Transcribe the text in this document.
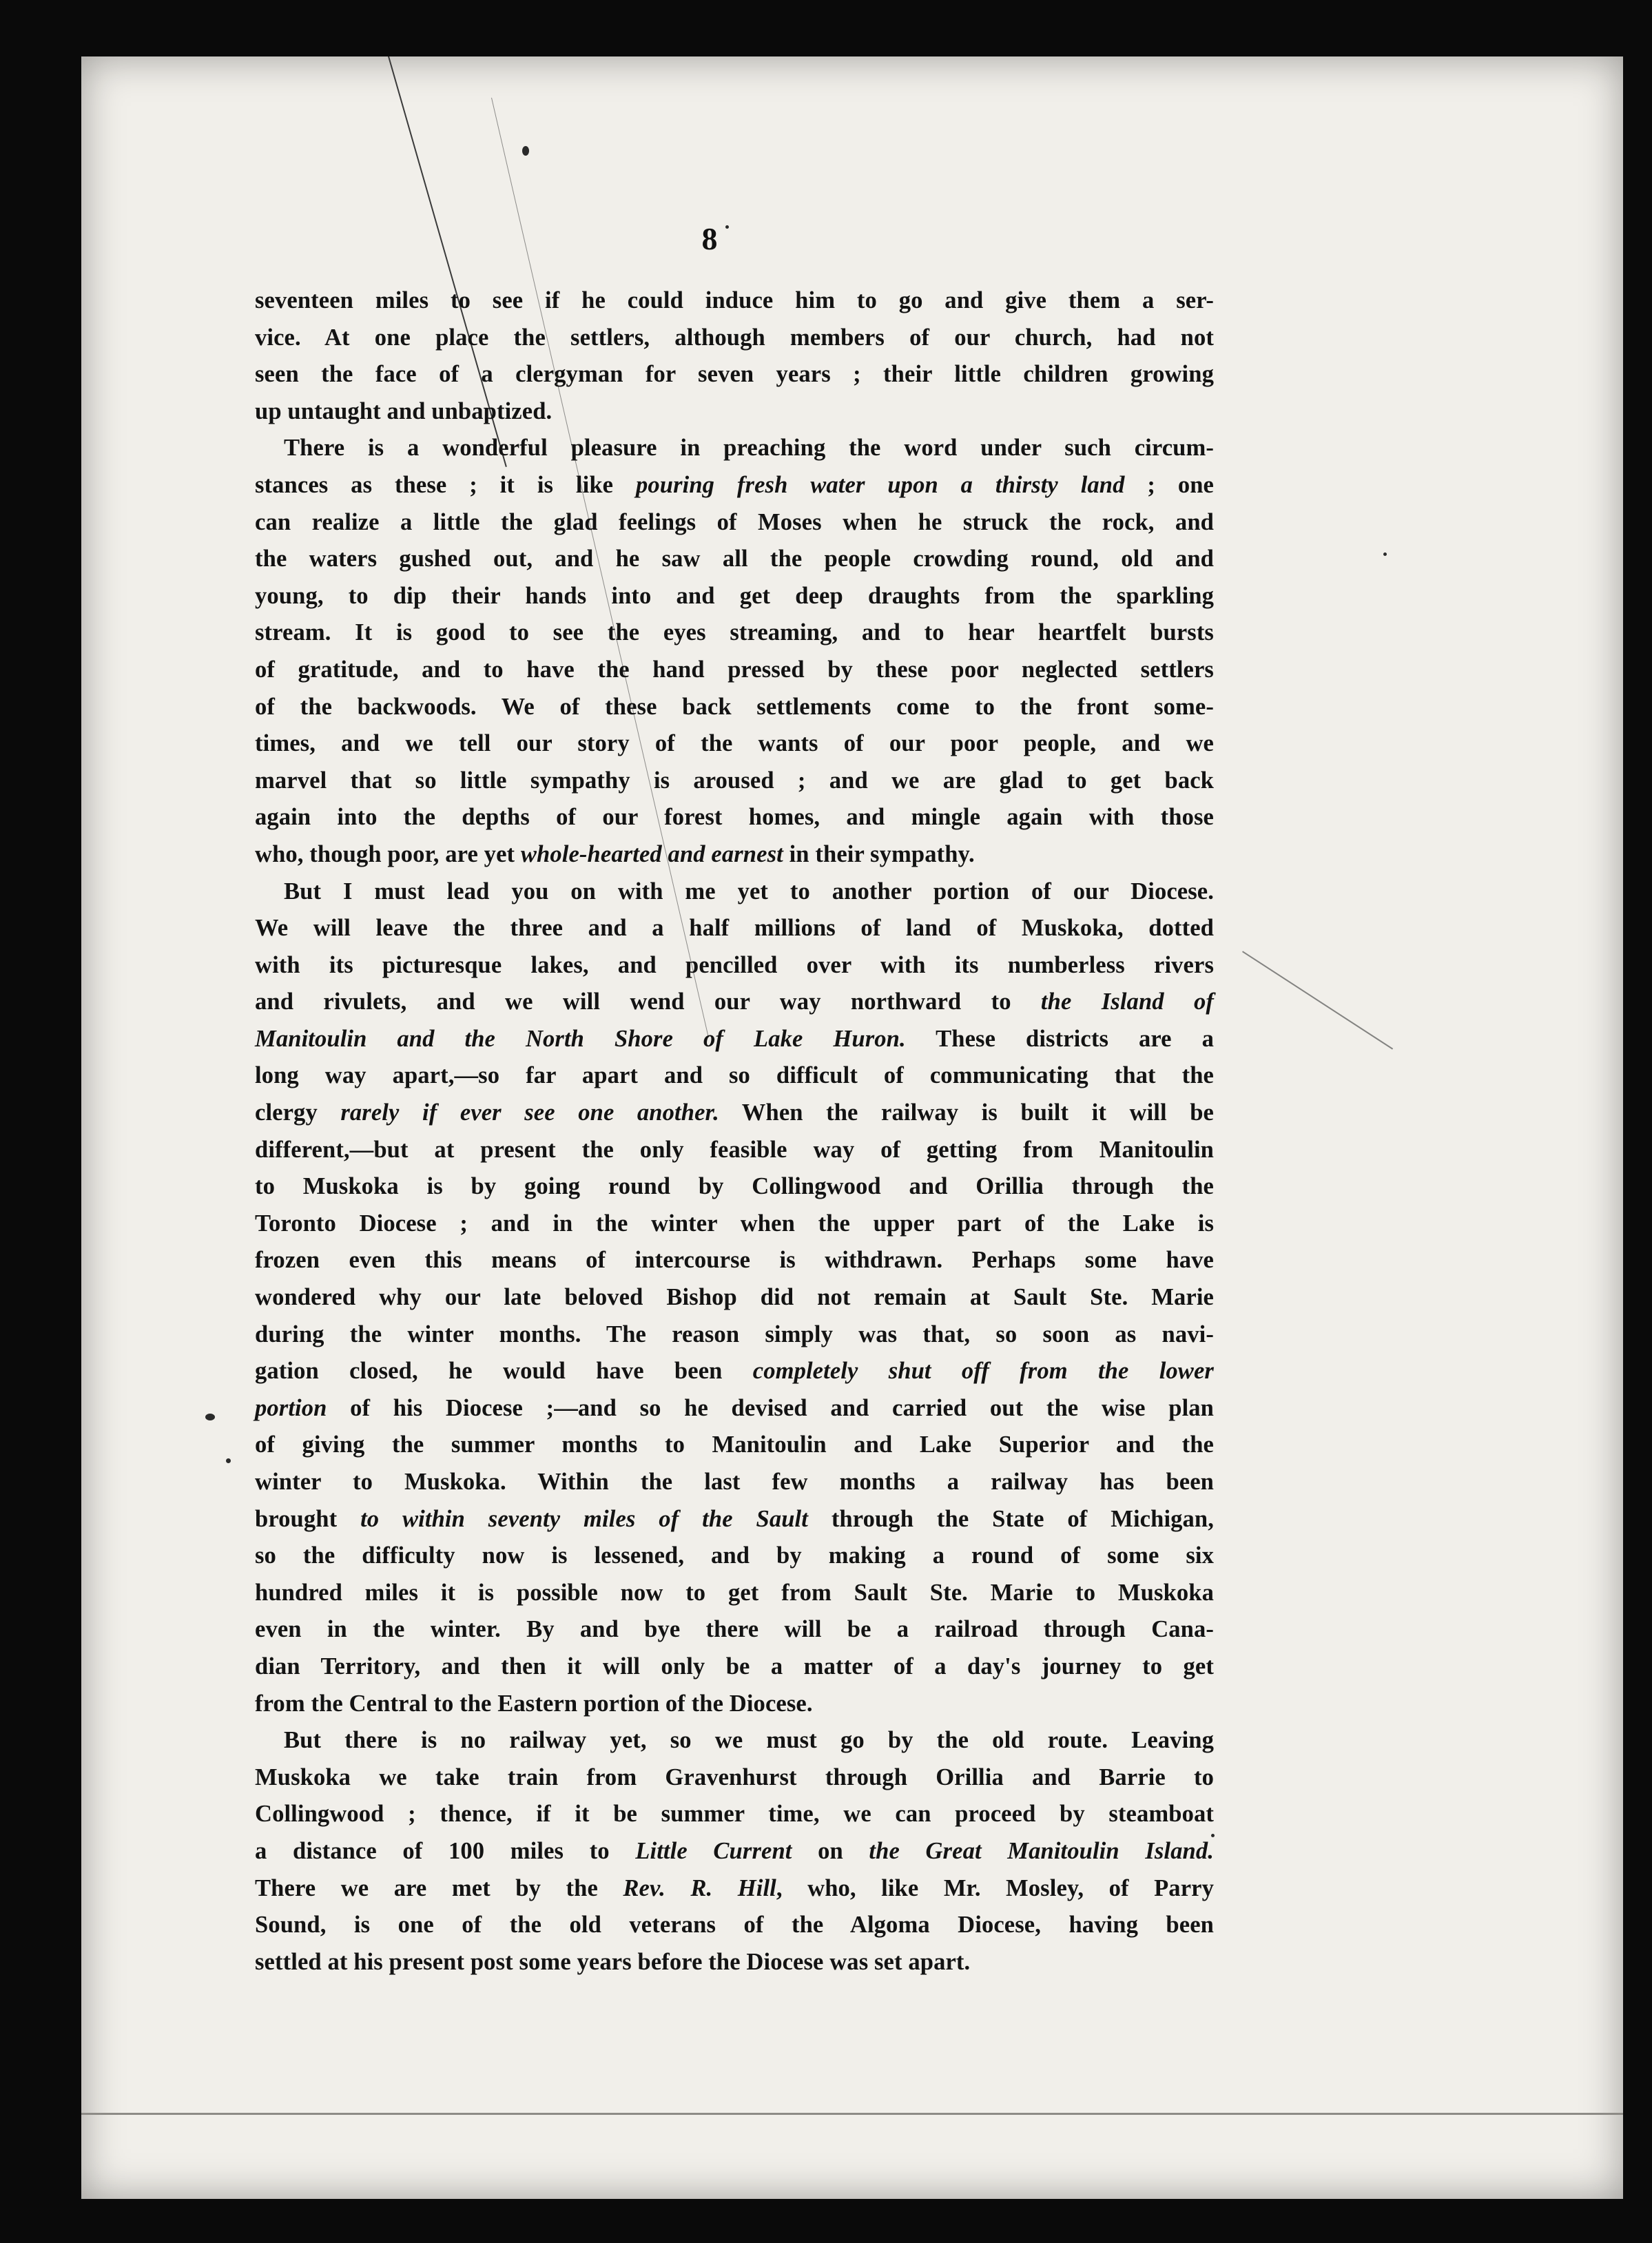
8
seventeen miles to see if he could induce him to go and give them a ser-
vice. At one place the settlers, although members of our church, had not
seen the face of a clergyman for seven years ; their little children growing
up untaught and unbaptized.
There is a wonderful pleasure in preaching the word under such circum-
stances as these ; it is like pouring fresh water upon a thirsty land ; one
can realize a little the glad feelings of Moses when he struck the rock, and
the waters gushed out, and he saw all the people crowding round, old and
young, to dip their hands into and get deep draughts from the sparkling
stream. It is good to see the eyes streaming, and to hear heartfelt bursts
of gratitude, and to have the hand pressed by these poor neglected settlers
of the backwoods. We of these back settlements come to the front some-
times, and we tell our story of the wants of our poor people, and we
marvel that so little sympathy is aroused ; and we are glad to get back
again into the depths of our forest homes, and mingle again with those
who, though poor, are yet whole-hearted and earnest in their sympathy.
But I must lead you on with me yet to another portion of our Diocese.
We will leave the three and a half millions of land of Muskoka, dotted
with its picturesque lakes, and pencilled over with its numberless rivers
and rivulets, and we will wend our way northward to the Island of
Manitoulin and the North Shore of Lake Huron. These districts are a
long way apart,—so far apart and so difficult of communicating that the
clergy rarely if ever see one another. When the railway is built it will be
different,—but at present the only feasible way of getting from Manitoulin
to Muskoka is by going round by Collingwood and Orillia through the
Toronto Diocese ; and in the winter when the upper part of the Lake is
frozen even this means of intercourse is withdrawn. Perhaps some have
wondered why our late beloved Bishop did not remain at Sault Ste. Marie
during the winter months. The reason simply was that, so soon as navi-
gation closed, he would have been completely shut off from the lower
portion of his Diocese ;—and so he devised and carried out the wise plan
of giving the summer months to Manitoulin and Lake Superior and the
winter to Muskoka. Within the last few months a railway has been
brought to within seventy miles of the Sault through the State of Michigan,
so the difficulty now is lessened, and by making a round of some six
hundred miles it is possible now to get from Sault Ste. Marie to Muskoka
even in the winter. By and bye there will be a railroad through Cana-
dian Territory, and then it will only be a matter of a day's journey to get
from the Central to the Eastern portion of the Diocese.
But there is no railway yet, so we must go by the old route. Leaving
Muskoka we take train from Gravenhurst through Orillia and Barrie to
Collingwood ; thence, if it be summer time, we can proceed by steamboat
a distance of 100 miles to Little Current on the Great Manitoulin Island.
There we are met by the Rev. R. Hill, who, like Mr. Mosley, of Parry
Sound, is one of the old veterans of the Algoma Diocese, having been
settled at his present post some years before the Diocese was set apart.
